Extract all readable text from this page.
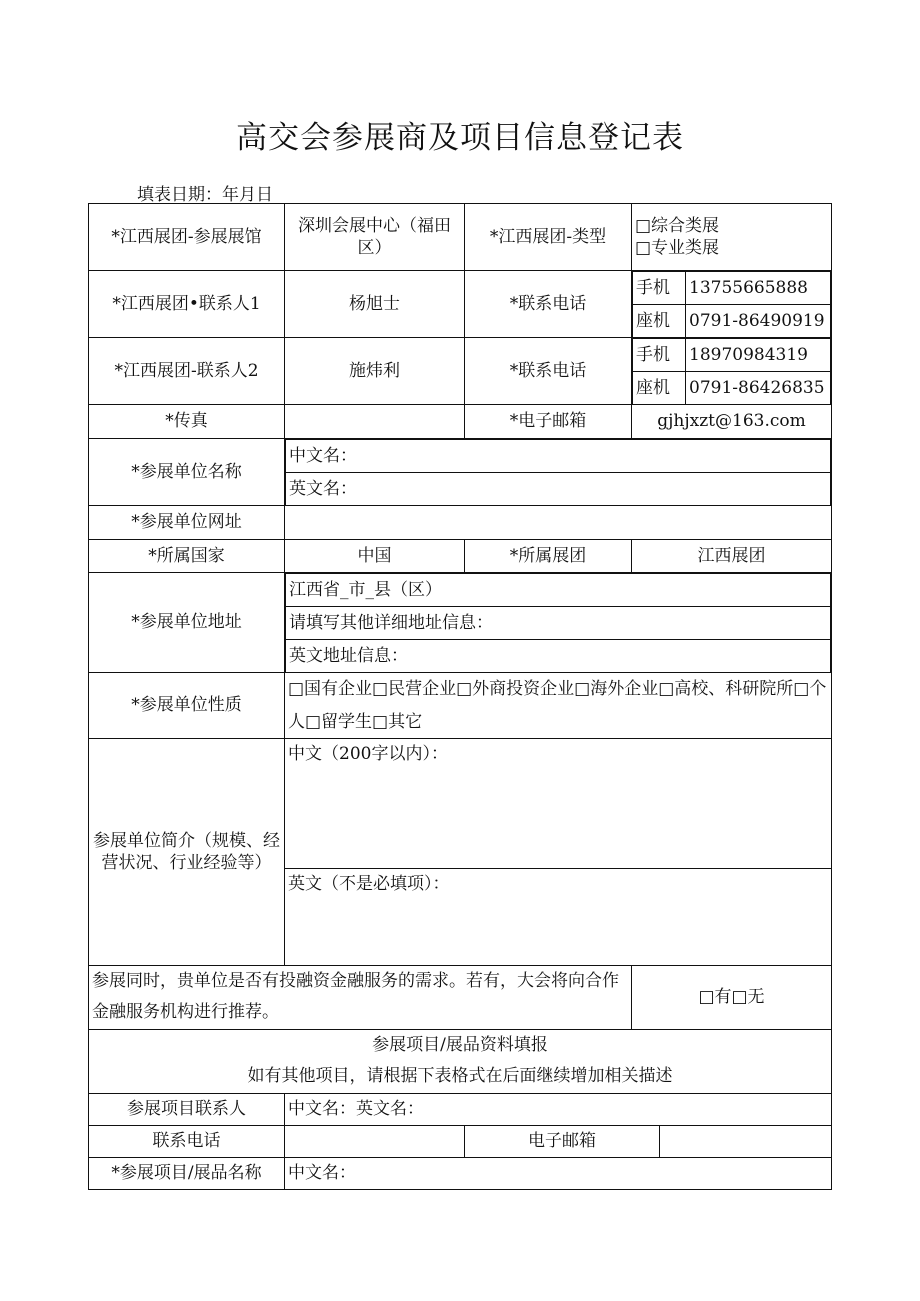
高交会参展商及项目信息登记表
填表日期：年月日
*江西展团-参展展馆	深圳会展中心（福田区）	*江西展团-类型	
□综合类展
□专业类展

*江西展团•联系人1	杨旭士	*联系电话	
手机	13755665888
座机	0791-86490919

*江西展团-联系人2	施炜利	*联系电话	
手机	18970984319
座机	0791-86426835

*传真		*电子邮箱	gjhjxzt@163.com
*参展单位名称	
中文名：
英文名：

*参展单位网址	
*所属国家	中国	*所属展团	江西展团
*参展单位地址	
江西省_市_县（区）
请填写其他详细地址信息：
英文地址信息：

*参展单位性质	□国有企业□民营企业□外商投资企业□海外企业□高校、科研院所□个人□留学生□其它
参展单位简介（规模、经营状况、行业经验等）	中文（200字以内）：
英文（不是必填项）：
参展同时，贵单位是否有投融资金融服务的需求。若有，大会将向合作金融服务机构进行推荐。	□有□无

参展项目/展品资料填报
如有其他项目，请根据下表格式在后面继续增加相关描述

参展项目联系人	中文名：英文名：
联系电话		电子邮箱	
*参展项目/展品名称	中文名：
